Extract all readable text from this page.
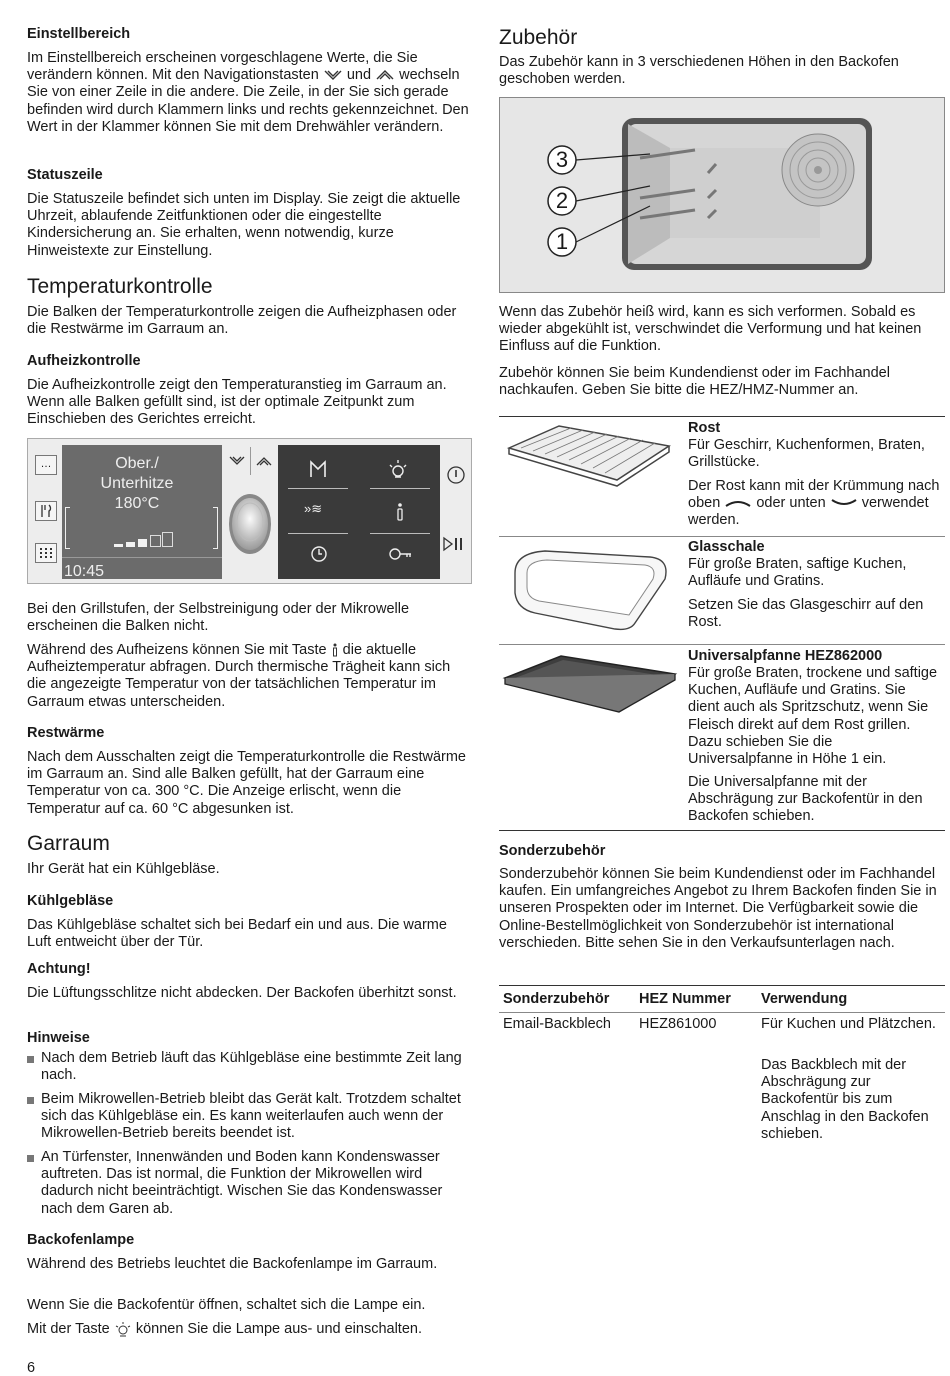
Einstellbereich

Im Einstellbereich erscheinen vorgeschlagene Werte, die Sie verändern können. Mit den Navigationstasten und wechseln Sie von einer Zeile in die andere. Die Zeile, in der Sie sich gerade befinden wird durch Klammern links und rechts gekennzeichnet. Den Wert in der Klammer können Sie mit dem Drehwähler verändern.

Statuszeile

Die Statuszeile befindet sich unten im Display. Sie zeigt die aktuelle Uhrzeit, ablaufende Zeitfunktionen oder die eingestellte Kindersicherung an. Sie erhalten, wenn notwendig, kurze Hinweistexte zur Einstellung.

Temperaturkontrolle

Die Balken der Temperaturkontrolle zeigen die Aufheizphasen oder die Restwärme im Garraum an.

Aufheizkontrolle

Die Aufheizkontrolle zeigt den Temperaturanstieg im Garraum an. Wenn alle Balken gefüllt sind, ist der optimale Zeitpunkt zum Einschieben des Gerichtes erreicht.

…	Ober./
Unterhitze
180°C
10:45
»≋

Bei den Grillstufen, der Selbstreinigung oder der Mikrowelle erscheinen die Balken nicht.

Während des Aufheizens können Sie mit Taste die aktuelle Aufheiztemperatur abfragen. Durch thermische Trägheit kann sich die angezeigte Temperatur von der tatsächlichen Temperatur im Garraum etwas unterscheiden.

Restwärme

Nach dem Ausschalten zeigt die Temperaturkontrolle die Restwärme im Garraum an. Sind alle Balken gefüllt, hat der Garraum eine Temperatur von ca. 300 °C. Die Anzeige erlischt, wenn die Temperatur auf ca. 60 °C abgesunken ist.

Garraum

Ihr Gerät hat ein Kühlgebläse.

Kühlgebläse

Das Kühlgebläse schaltet sich bei Bedarf ein und aus. Die warme Luft entweicht über der Tür.

Achtung!

Die Lüftungsschlitze nicht abdecken. Der Backofen überhitzt sonst.

Hinweise
Nach dem Betrieb läuft das Kühlgebläse eine bestimmte Zeit lang nach.
Beim Mikrowellen-Betrieb bleibt das Gerät kalt. Trotzdem schaltet sich das Kühlgebläse ein. Es kann weiterlaufen auch wenn der Mikrowellen-Betrieb bereits beendet ist.
An Türfenster, Innenwänden und Boden kann Kondenswasser auftreten. Das ist normal, die Funktion der Mikrowellen wird dadurch nicht beeinträchtigt. Wischen Sie das Kondenswasser nach dem Garen ab.
Backofenlampe

Während des Betriebs leuchtet die Backofenlampe im Garraum.

Wenn Sie die Backofentür öffnen, schaltet sich die Lampe ein.

Mit der Taste können Sie die Lampe aus- und einschalten.

Zubehör

Das Zubehör kann in 3 verschiedenen Höhen in den Backofen geschoben werden.

3
2
1

Wenn das Zubehör heiß wird, kann es sich verformen. Sobald es wieder abgekühlt ist, verschwindet die Verformung und hat keinen Einfluss auf die Funktion.

Zubehör können Sie beim Kundendienst oder im Fachhandel nachkaufen. Geben Sie bitte die HEZ/HMZ-Nummer an.

Rost
Für Geschirr, Kuchenformen, Braten, Grillstücke.
Der Rost kann mit der Krümmung nach oben oder unten verwendet werden.
Glasschale
Für große Braten, saftige Kuchen, Aufläufe und Gratins.
Setzen Sie das Glasgeschirr auf den Rost.
Universalpfanne HEZ862000
Für große Braten, trockene und saftige Kuchen, Aufläufe und Gratins. Sie dient auch als Spritzschutz, wenn Sie Fleisch direkt auf dem Rost grillen. Dazu schieben Sie die Universalpfanne in Höhe 1 ein.
Die Universalpfanne mit der Abschrägung zur Backofentür in den Backofen schieben.
Sonderzubehör

Sonderzubehör können Sie beim Kundendienst oder im Fachhandel kaufen. Ein umfangreiches Angebot zu Ihrem Backofen finden Sie in unseren Prospekten oder im Internet. Die Verfügbarkeit sowie die Online-Bestellmöglichkeit von Sonderzubehör ist international verschieden. Bitte sehen Sie in den Verkaufsunterlagen nach.

Sonderzubehör HEZ Nummer Verwendung
Email-Backblech HEZ861000	Für Kuchen und Plätzchen.
Das Backblech mit der Abschrägung zur Backofentür bis zum Anschlag in den Backofen schieben.
6
